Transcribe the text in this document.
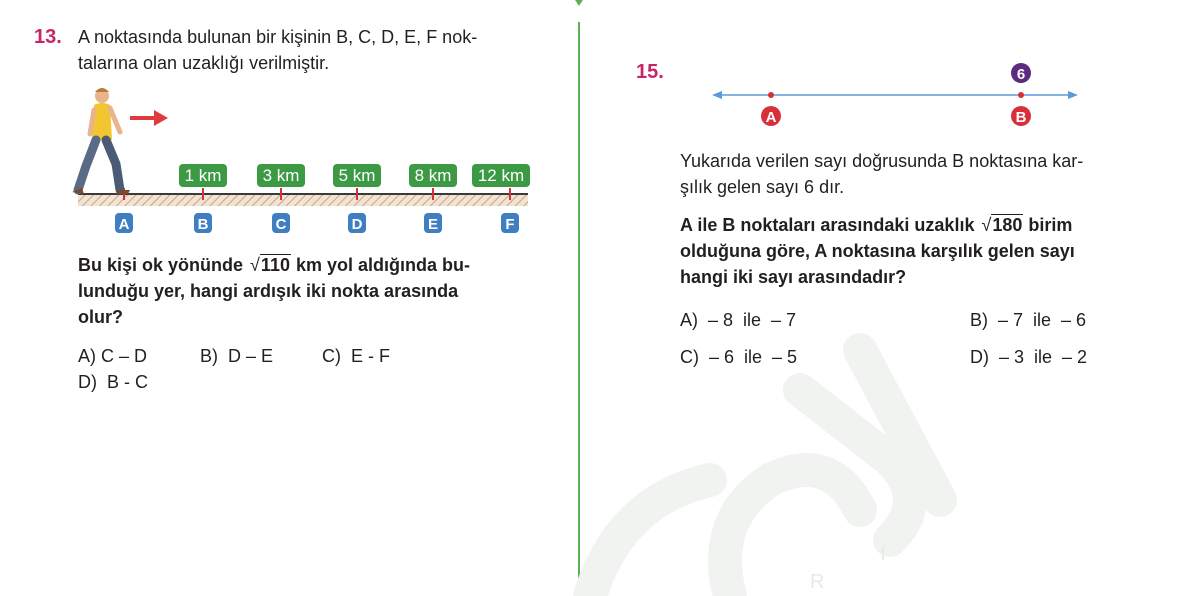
R
I
13. A noktasında bulunan bir kişinin B, C, D, E, F nok-
talarına olan uzaklığı verilmiştir.
1 km 3 km 5 km 8 km 12 km
A	B	C	D	E	F
Bu kişi ok yönünde √110 km yol aldığında bu-
lunduğu yer, hangi ardışık iki nokta arasında
olur?
A) C – D	B)  D – E	C)  E - F
D)  B - C
15.
A	B
6
Yukarıda verilen sayı doğrusunda B noktasına kar-
şılık gelen sayı 6 dır.
A ile B noktaları arasındaki uzaklık √180 birim
olduğuna göre, A noktasına karşılık gelen sayı
hangi iki sayı arasındadır?
A)  – 8  ile  – 7	B)  – 7  ile  – 6
C)  – 6  ile  – 5	D)  – 3  ile  – 2
